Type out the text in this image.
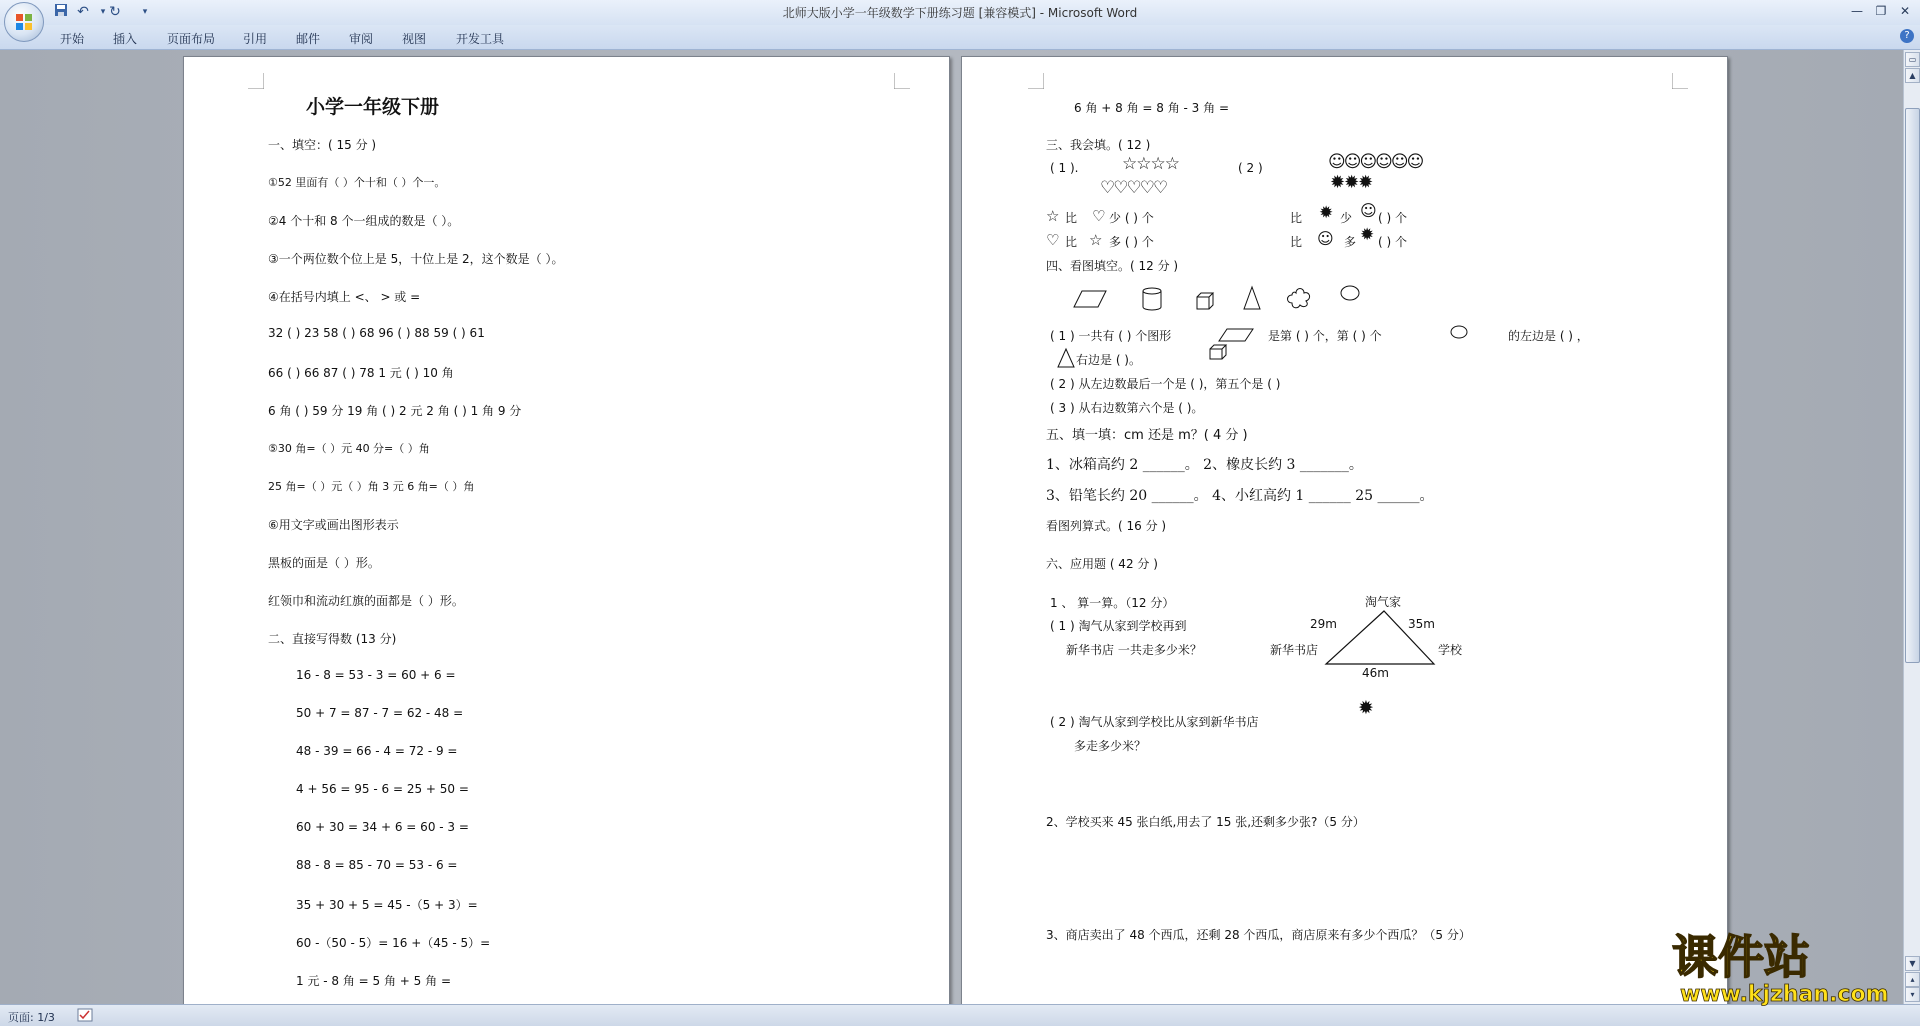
↶	▾ ↻	▾	北师大版小学一年级数学下册练习题 [兼容模式] - Microsoft Word	—	❐	✕
开始 插入 页面布局 引用 邮件 审阅 视图 开发工具	?
小学一年级下册
一、填空：( 15 分 )
①52 里面有（ ）个十和（ ）个一。
②4 个十和 8 个一组成的数是（ ）。
③一个两位数个位上是 5，十位上是 2，这个数是（ ）。
④在括号内填上 <、 > 或 =
32 ( ) 23 58 ( ) 68 96 ( ) 88 59 ( ) 61
66 ( ) 66 87 ( ) 78 1 元 ( ) 10 角
6 角 ( ) 59 分 19 角 ( ) 2 元 2 角 ( ) 1 角 9 分
⑤30 角=（ ）元 40 分=（ ）角
25 角=（ ）元（ ）角 3 元 6 角=（ ）角
⑥用文字或画出图形表示
黑板的面是（ ）形。
红领巾和流动红旗的面都是（ ）形。
二、直接写得数 (13 分)
16 - 8 = 53 - 3 = 60 + 6 =
50 + 7 = 87 - 7 = 62 - 48 =
48 - 39 = 66 - 4 = 72 - 9 =
4 + 56 = 95 - 6 = 25 + 50 =
60 + 30 = 34 + 6 = 60 - 3 =
88 - 8 = 85 - 70 = 53 - 6 =
35 + 30 + 5 = 45 -（5 + 3）=
60 -（50 - 5）= 16 +（45 - 5）=
1 元 - 8 角 = 5 角 + 5 角 =
6 角 + 8 角 = 8 角 - 3 角 =
三、我会填。( 12 )
( 1 ).	☆☆☆☆
♡♡♡♡♡
( 2 )	☺☺☺☺☺☺
✹✹✹
☆ 比 ♡ 少 ( ) 个
♡ 比 ☆ 多 ( ) 个
比 ✹ 少 ☺ ( ) 个
比 ☺ 多 ✹ ( ) 个
四、看图填空。( 12 分 )
( 1 ) 一共有 ( ) 个图形	是第 ( ) 个，第 ( ) 个	的左边是 ( ) ，
右边是 ( )。
( 2 ) 从左边数最后一个是 ( )，第五个是 ( )
( 3 ) 从右边数第六个是 ( )。
五、填一填：cm 还是 m？( 4 分 )
1、冰箱高约 2 ______。 2、橡皮长约 3 _______。
3、铅笔长约 20 ______。 4、小红高约 1 ______ 25 ______。
看图列算式。( 16 分 )
六、应用题 ( 42 分 )
1 、 算一算。（12 分）
( 1 ) 淘气从家到学校再到
新华书店 一共走多少米？
淘气家
29m	35m
新华书店	学校
46m
✹
( 2 ) 淘气从家到学校比从家到新华书店
多走多少米？
2、学校买来 45 张白纸,用去了 15 张,还剩多少张?（5 分）
3、商店卖出了 48 个西瓜，还剩 28 个西瓜，商店原来有多少个西瓜？（5 分）
▭
▲
▼
▴
▾
页面: 1/3
课件站
www.kjzhan.com
